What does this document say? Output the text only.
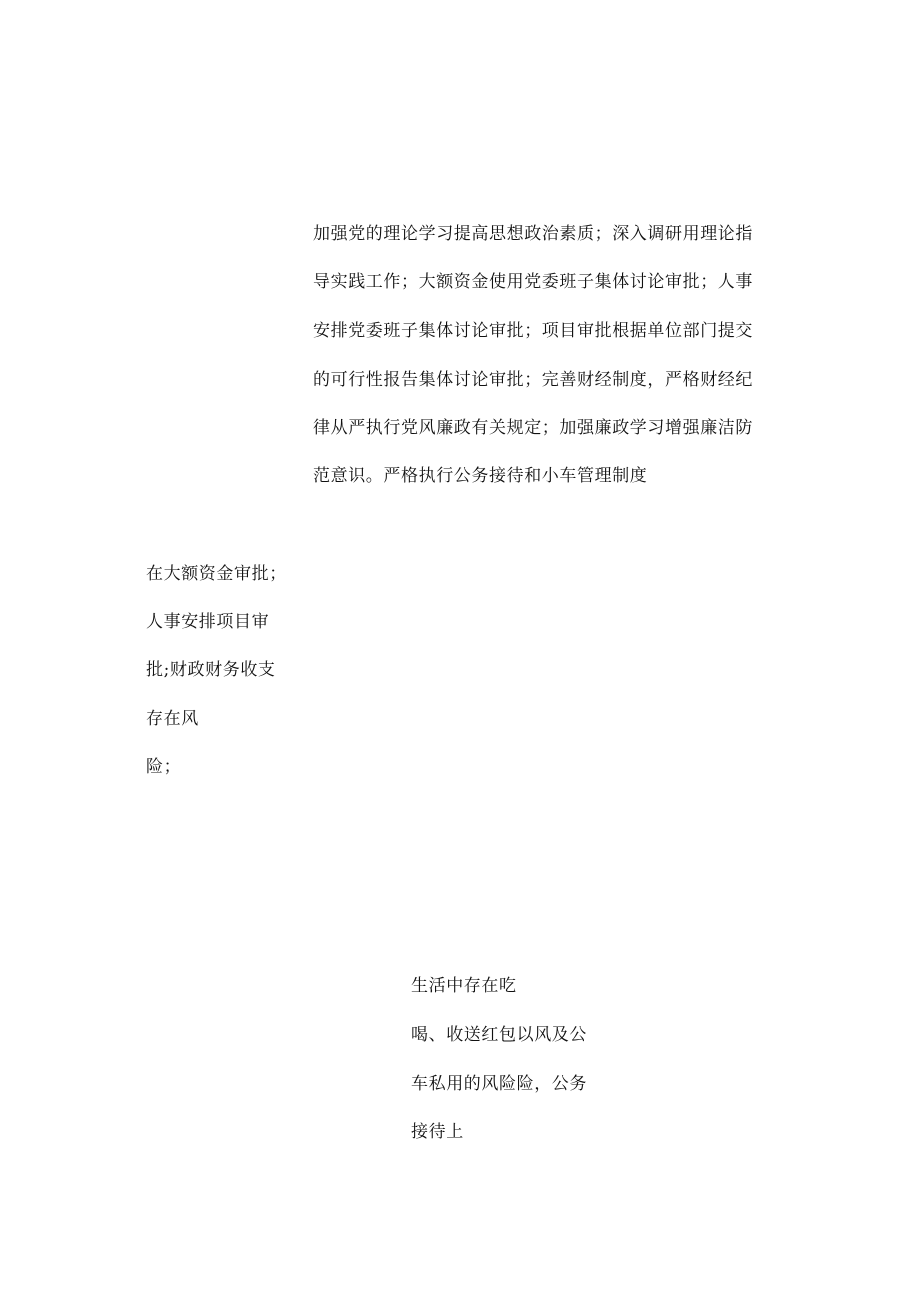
加强党的理论学习提高思想政治素质；深入调研用理论指
导实践工作；大额资金使用党委班子集体讨论审批；人事
安排党委班子集体讨论审批；项目审批根据单位部门提交
的可行性报告集体讨论审批；完善财经制度，严格财经纪
律从严执行党风廉政有关规定；加强廉政学习增强廉洁防
范意识。严格执行公务接待和小车管理制度
在大额资金审批；
人事安排项目审
批;财政财务收支
存在风
险；
生活中存在吃
喝、收送红包以风及公
车私用的风险险，公务
接待上
